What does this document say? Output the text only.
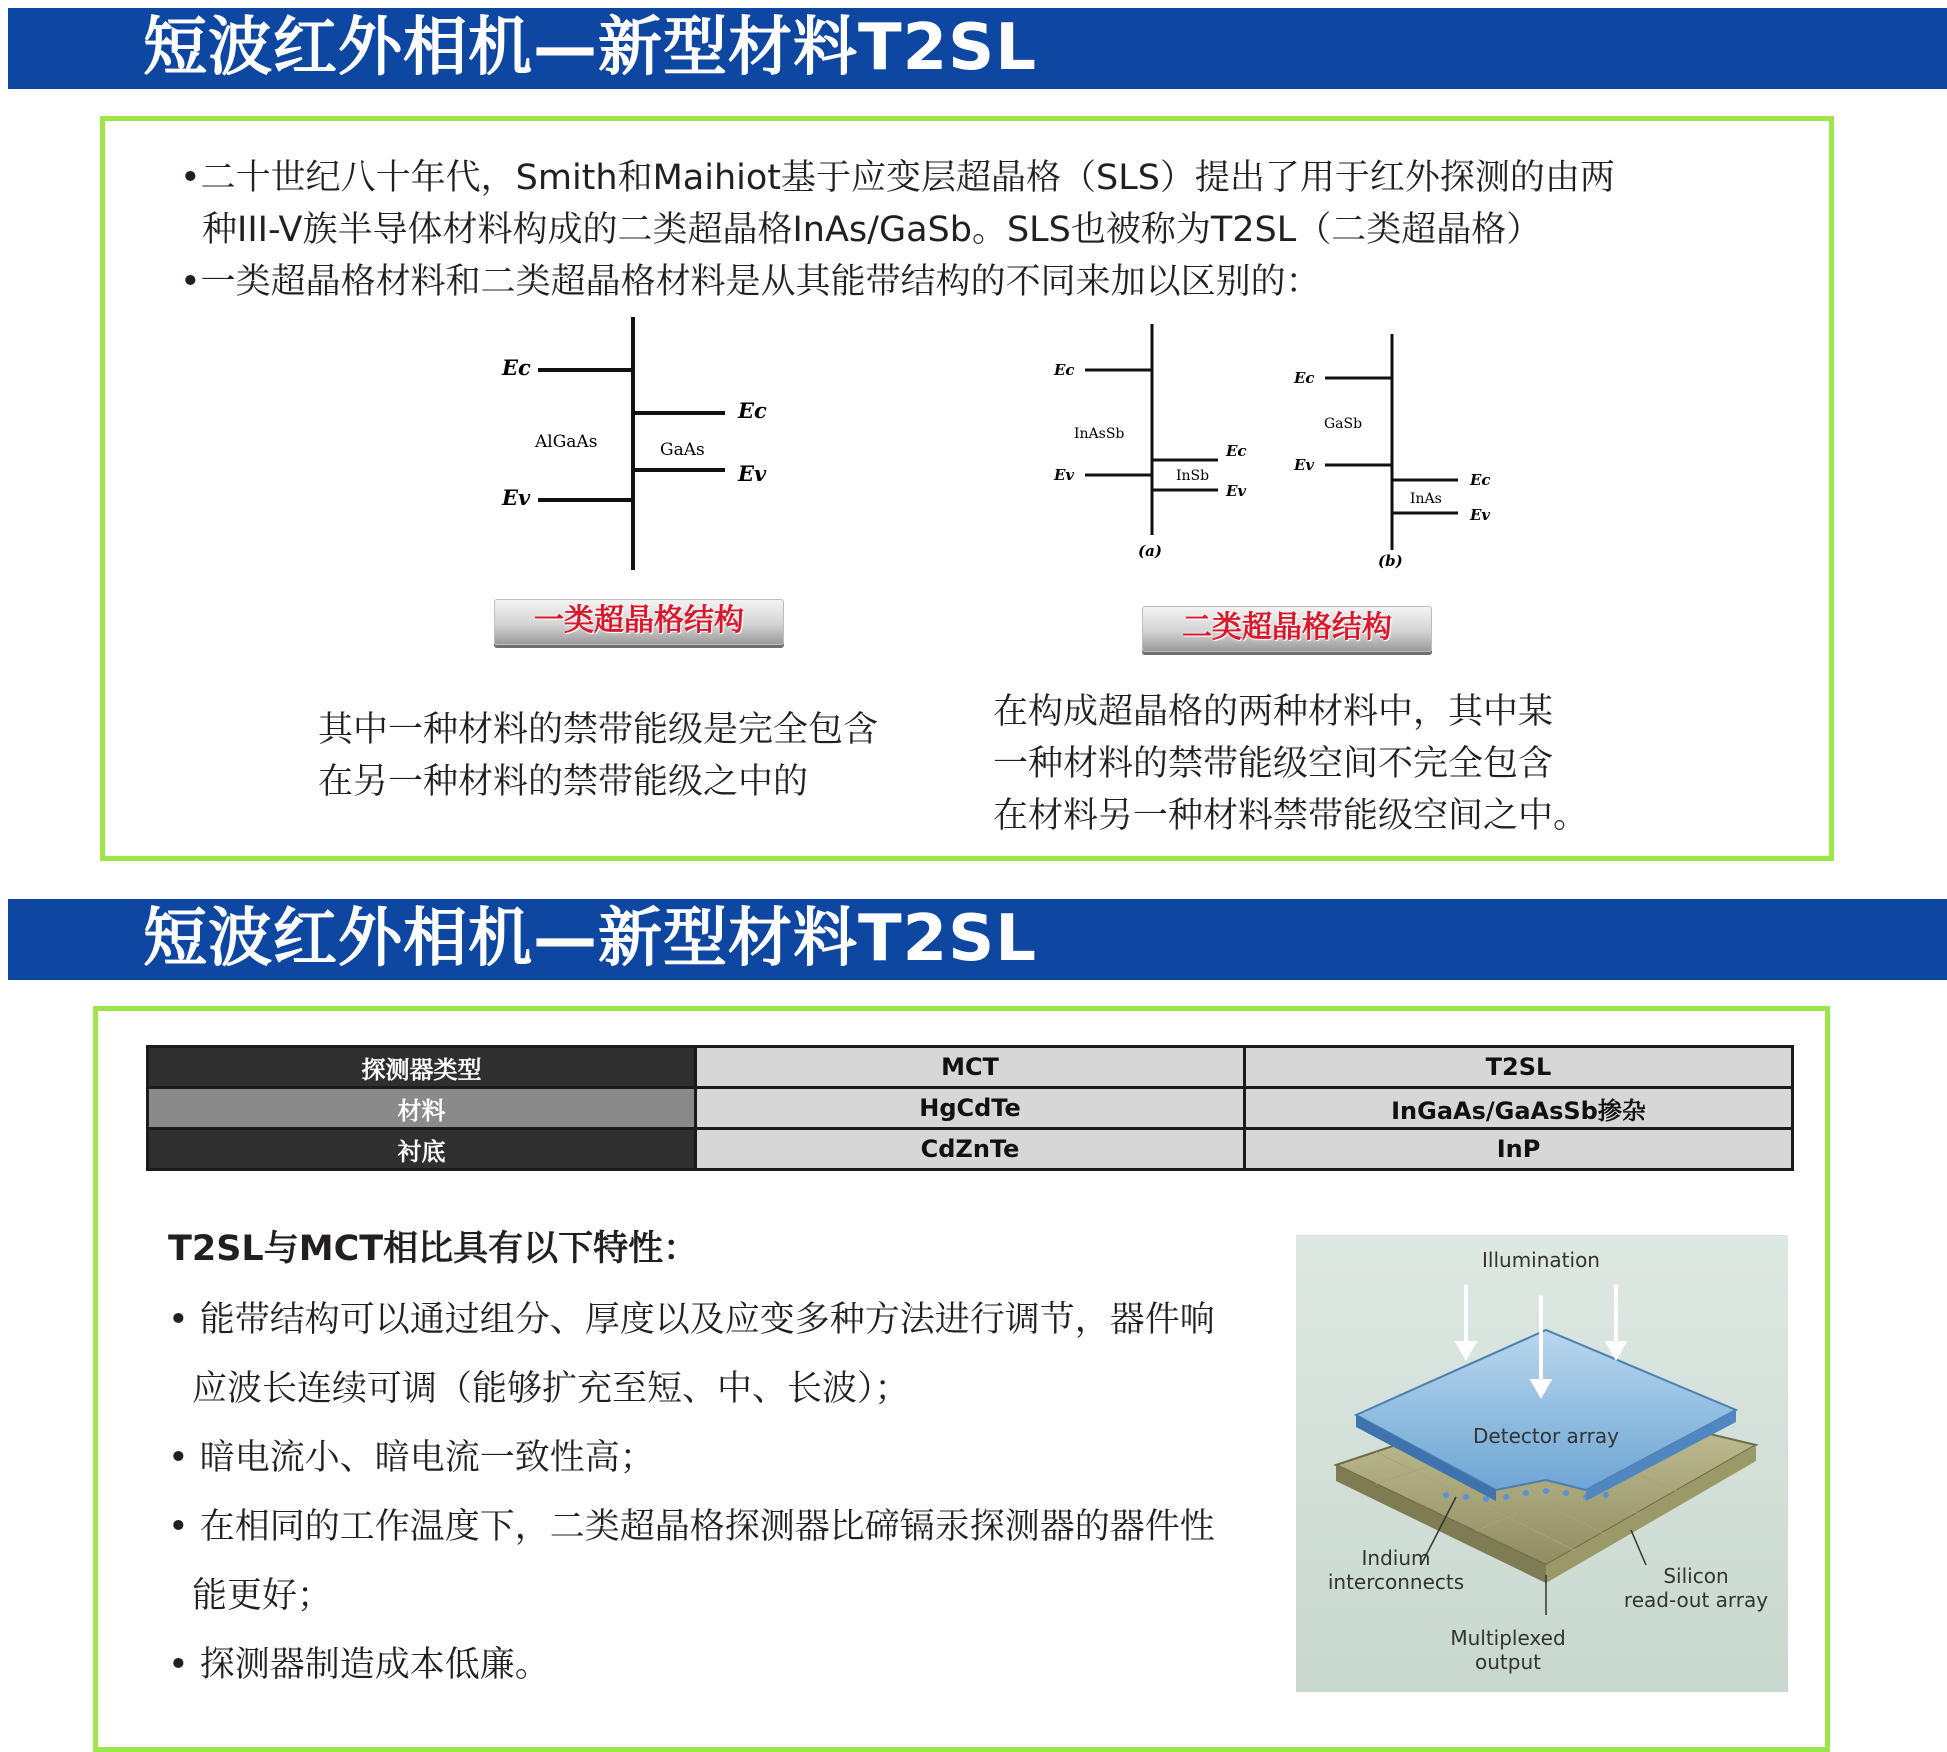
短波红外相机—新型材料T2SL
•二十世纪八十年代，Smith和Maihiot基于应变层超晶格（SLS）提出了用于红外探测的由两
种III-V族半导体材料构成的二类超晶格InAs/GaSb。SLS也被称为T2SL（二类超晶格）
•一类超晶格材料和二类超晶格材料是从其能带结构的不同来加以区别的：
Ec
Ev
Ec
Ev
AlGaAs	GaAs
Ec
Ev
Ec
Ev
Ec
Ev
Ec
Ev
(a)
(b)
InAsSb
InSb
GaSb
InAs
一类超晶格结构	二类超晶格结构
其中一种材料的禁带能级是完全包含
在另一种材料的禁带能级之中的
在构成超晶格的两种材料中，其中某
一种材料的禁带能级空间不完全包含
在材料另一种材料禁带能级空间之中。
短波红外相机—新型材料T2SL
探测器类型	MCT	T2SL
材料	HgCdTe	InGaAs/GaAsSb掺杂
衬底	CdZnTe	InP
T2SL与MCT相比具有以下特性：
• 能带结构可以通过组分、厚度以及应变多种方法进行调节，器件响
应波长连续可调（能够扩充至短、中、长波）；
• 暗电流小、暗电流一致性高；
• 在相同的工作温度下，二类超晶格探测器比碲镉汞探测器的器件性
能更好；
• 探测器制造成本低廉。
Illumination
Detector array
Indium
interconnects	Silicon
read-out array
Multiplexed
output
